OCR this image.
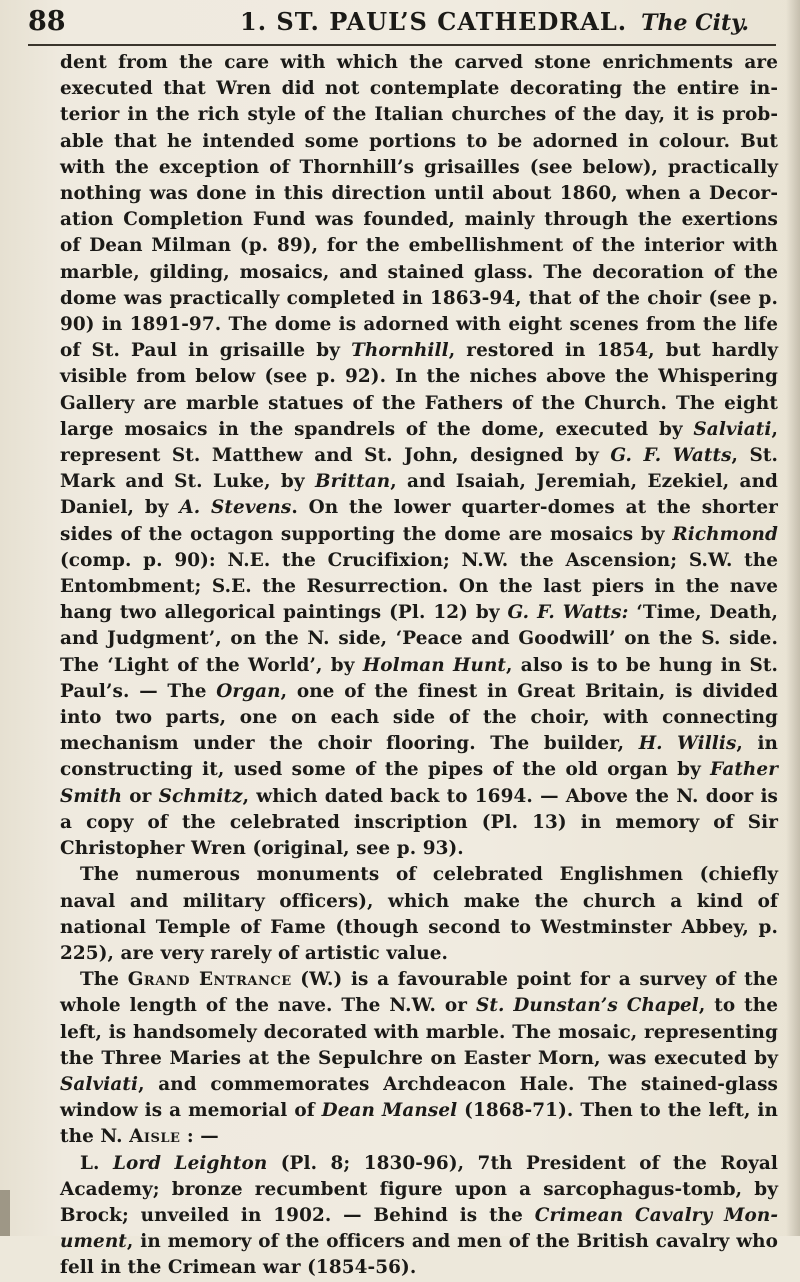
88	1. ST. PAUL’S CATHEDRAL. The City.

dent from the care with which the carved stone enrichments are executed that Wren did not contemplate decorating the entire interior in the rich style of the Italian churches of the day, it is probable that he intended some portions to be adorned in colour. But with the exception of Thornhill’s grisailles (see below), practically nothing was done in this direction until about 1860, when a Decoration Completion Fund was founded, mainly through the exertions of Dean Milman (p. 89), for the embellishment of the interior with marble, gilding, mosaics, and stained glass. The decoration of the dome was practically completed in 1863-94, that of the choir (see p. 90) in 1891-97. The dome is adorned with eight scenes from the life of St. Paul in grisaille by Thornhill, restored in 1854, but hardly visible from below (see p. 92). In the niches above the Whispering Gallery are marble statues of the Fathers of the Church. The eight large mosaics in the spandrels of the dome, executed by Salviati, represent St. Matthew and St. John, designed by G. F. Watts, St. Mark and St. Luke, by Brittan, and Isaiah, Jeremiah, Ezekiel, and Daniel, by A. Stevens. On the lower quarter-domes at the shorter sides of the octagon supporting the dome are mosaics by Richmond (comp. p. 90): N.E. the Crucifixion; N.W. the Ascension; S.W. the Entombment; S.E. the Resurrection. On the last piers in the nave hang two allegorical paintings (Pl. 12) by G. F. Watts: ‘Time, Death, and Judgment’, on the N. side, ‘Peace and Goodwill’ on the S. side. The ‘Light of the World’, by Holman Hunt, also is to be hung in St. Paul’s. — The Organ, one of the finest in Great Britain, is divided into two parts, one on each side of the choir, with connecting mechanism under the choir flooring. The builder, H. Willis, in constructing it, used some of the pipes of the old organ by Father Smith or Schmitz, which dated back to 1694. — Above the N. door is a copy of the celebrated inscription (Pl. 13) in memory of Sir Christopher Wren (original, see p. 93).

The numerous monuments of celebrated Englishmen (chiefly naval and military officers), which make the church a kind of national Temple of Fame (though second to Westminster Abbey, p. 225), are very rarely of artistic value.

The Grand Entrance (W.) is a favourable point for a survey of the whole length of the nave. The N.W. or St. Dunstan’s Chapel, to the left, is handsomely decorated with marble. The mosaic, representing the Three Maries at the Sepulchre on Easter Morn, was executed by Salviati, and commemorates Archdeacon Hale. The stained-glass window is a memorial of Dean Mansel (1868-71). Then to the left, in the N. Aisle : —

L. Lord Leighton (Pl. 8; 1830-96), 7th President of the Royal Academy; bronze recumbent figure upon a sarcophagus-tomb, by Brock; unveiled in 1902. — Behind is the Crimean Cavalry Monument, in memory of the officers and men of the British cavalry who fell in the Crimean war (1854-56).
